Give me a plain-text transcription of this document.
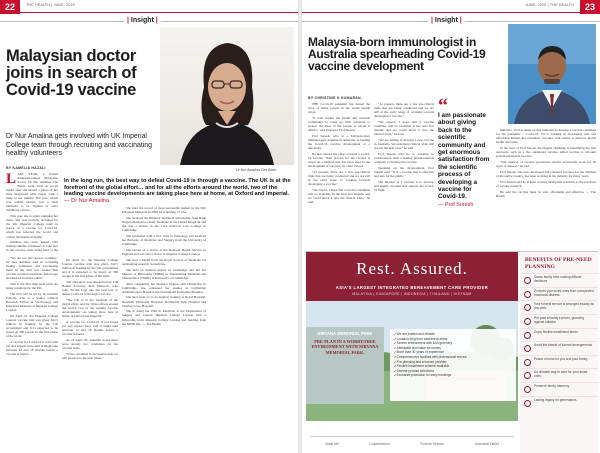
22	THE HEALTH | JUNE, 2020
| Insight |
Malaysian doctor joins in search of Covid-19 vaccine
Dr Nur Amalina gets involved with UK Imperial College team through recruiting and vaccinating healthy volunteers
Dr Nur Amalina Che Bakri.
BY KAMELIA HAZALI
L AST YEAR, a United Kingdom-trained Malaysian doctor, Dr Nur Amalina Che Bakri, went viral on social media after she shared a photo of her baby diagnosed with cancer with a lump in her tummy. The post, which was widely shared, was a stark reminder to be vigilant of early childhood cancers.

This year, she is again stamping her mark. She was recently recruited for the UK Imperial College team in search of a vaccine for Covid-19, which has infected the world and caused thousands of deaths.

Amalina has been tasked with finding suitable volunteers to take part in the vaccine trials being held at the

"We are not just doctors working," Dr Nur Amalina said in recruiting healthy volunteers and vaccinating them in the next few weeks."This vaccine received enormous follow-ups and interest from the public."

This is the first time such trials are being conducted in the UK.

The trial will be led by Dr Kristian Pollock, who is a Senior Clinical Research Fellow in Vaccinology and Infectious Diseases at Imperial College London.

On April 21, the Imperial College London vaccine trial was given £22.5 million in funding by the UK government and it is expected to be tested on 300 people in the first phase of the trials.

A vaccine for Covid-19 is not found yet and experts have said it might take between 12 and 18 months before a vaccine is found.

On April 21, the Imperial College London vaccine trial was given £22.5 million in funding by the UK government and it is expected to be tested on 300 people in the first phase of the trials.

The allocation was announced by UK Health Secretary Matt Hancock, who said: "In the long run, the best way to defeat Covid-19 is through a vaccine.

"The UK is at the forefront of the global effort, and for all the efforts around the world, two of the leading vaccine developments are taking place here at home, at Oxford and Imperial."

A vaccine for Covid-19 is not found yet and experts have said it might take between 12 and 18 months before a vaccine is found.

As of April 29, Amalina noted there were already two candidates for the vaccine trials.

"If the candidate is successful, then we will proceed to the next phase."

In the long run, the best way to defeat Covid-19 is through a vaccine. The UK is at the forefront of the global effort… and for all the efforts around the world, two of the leading vaccine developments are taking place here at home, at Oxford and Imperial. — Dr Nur Amalina

She held the record of most successful student in the Sijil Pelajaran Malaysia in 2006 by achieving 17 1As.

She received the Bilateral Technical Scholarship from Bank Negara Malaysia to study medicine in the United Kingdom and she has a lecture in the Lord Ashcroft Law College in Cambridge.

She graduated with a first class in Pathology and received her Bachelor of Medicine and Surgery from the University of Cambridge.

She served as a doctor at the National Health Service in England and was also a doctor at Imperial College London.

She won a Medal from the Royal Society of Medicine for outstanding research in medicine.

She held an medical degree in Cambridge and did her Masters of Philosophy (MPhil) in Translational Medicine and Therapeutics (TMAT) at University of Cambridge.

After completing her Master's Degree with Distinction in Cambridge, she continued her studies at Cambridge Addenbrooke's Hospital and Nottingham University Hospital.

She later went on to do surgical training at Royal Hospital, Newham University Hospital, Northwick Park Hospital and Charing Cross Hospital.

She is doing her PhD in Medicine at the Department of Surgery and Cancer, Imperial College London with a fellowship from Imperial College London and funding from the NIHR UK. — The Health

23
JUNE, 2020 | THE HEALTH
| Insight |
Malaysia-born immunologist in Australia spearheading Covid-19 vaccine development
BY CHRISTINE K KUMARAN

THE Covid-19 pandemic has turned the lives of many people in the world upside down.

"It will require the health and research community to come up with solutions to protect the lives of the people to whom it affects," said Professor Prof Suresh.

Prof Suresh, who is a Malaysia-born immunologist working in Australia, is leading the Covid-19 vaccine development at a university.

He also shared the effort towards a Covid-19 vaccine. Their process for the vaccine is based on a method that has been used in the development of vaccines for other viruses.

"At present, there are a few pre-clinical trials that are being conducted and we are still at the early stage of working towards developing a vaccine."

"We expect, I hope that a vaccine candidate will be available in the next few months and we could move it into the clinical trials," he said.

"At present, there are a few pre-clinical trials that are being conducted and we are still at the early stage of working towards developing a vaccine."

"We expect, I hope that a vaccine candidate will be available in the next few months and we could move it into the clinical trials," he said.

"We are aiming to develop a new vaccine in Australia. We anticipate clinical trials will start in the next year," he said.

Prof Suresh said he is working in collaboration with a leading pharmaceutical company to develop the vaccine.

Speaking on the development, Prof Suresh said: "It is a vaccine that is effective and safe for the public."

The mission of a vaccine is to develop and supply vaccines that support the Covid-19 fight.

“
I am passionate about giving back to the scientific community and get enormous satisfaction from the scientific process of developing a vaccine for Covid-19.
— Prof Suresh

initiative, Vil has taken up this initiative to develop a vaccine candidate for the pandemic – Covid-19. Vil is working in developing safe and affordable human and veterinary vaccines with results to improve global health outcomes.

In the view of Prof Suresh, the biggest challenge is identifying the best approach, such as a live attenuated vaccine, killed vaccine or sub-unit protein expression vaccine.

"One method of vaccine production doesn't necessarily work for all types of disease," he said.

Prof Suresh, who has developed and patented vaccines for the children of his native country, has been working in the industry for many years.

Prof Suresh said he is keen to bring Malaysian scientists to the forefront of vaccine research.

He said the vaccine must be safe, affordable and effective. — The Health

Rest. Assured.
ASIA'S LARGEST INTEGRATED BEREAVEMENT CARE PROVIDER
MALAYSIA | SINGAPORE | INDONESIA | THAILAND | VIETNAM
NIRVANA MEMORIAL PARK
PRE-PLAN IN A WORRY-FREE ENVIRONMENT WITH NIRVANA MEMORIAL PARK.
✔ We are trusted and reliable
✔ Location long from catchment areas
✔ Serene environment with lush greenery
✔ Affordable and value for money
✔ More than 30 years of experience
✔ Comprehensive facilities with professional service
✔ Pre-planning and a trusted provider
✔ Flexible installment scheme available
✔ Diverse product selections
✔ Exclusive promotion for early bookings
Book Me	Columbarium	Funeral Service	Ancestral Tablet
BENEFITS OF PRE-NEED PLANNING
Saves family from making difficult decisions
Protects your loved ones from unexpected emotional distress
Your funeral service is arranged exactly as you wish
Pre-paid at today's prices, guarding against inflation
Enjoy flexible installment terms
Avoid the hassle of funeral arrangements
Peace of mind for you and your family
An ultimate way to care for your loved ones
Preserve family harmony
Lasting legacy for generations
